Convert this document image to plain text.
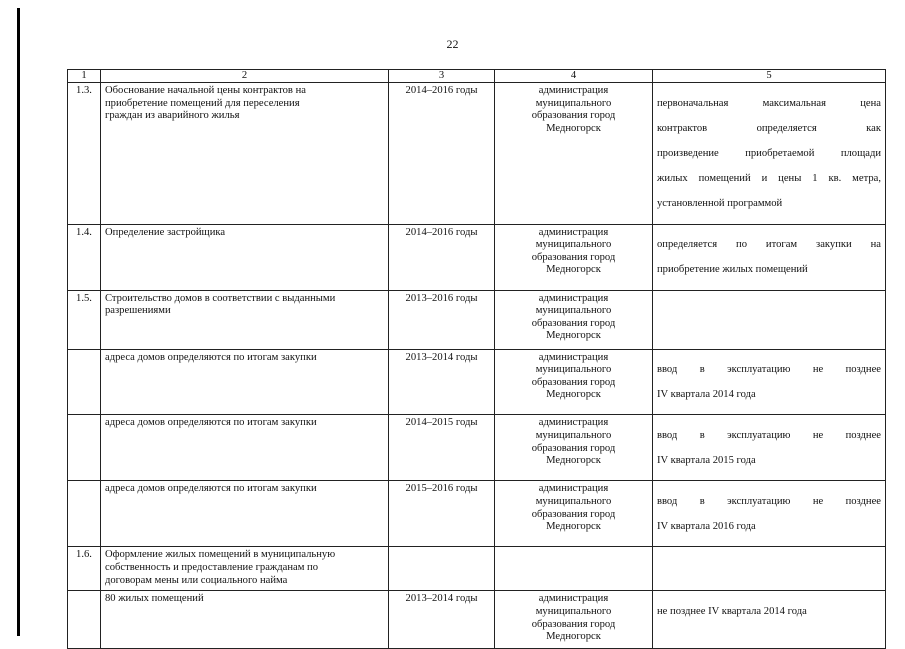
22
1	2	3	4	5
1.3.	Обоснование начальной цены контрактов на
приобретение помещений для переселения
граждан из аварийного жилья	2014–2016 годы	администрация
муниципального
образования город
Медногорск	первоначальная максимальная цена

контрактов определяется как

произведение приобретаемой площади

жилых помещений и цены 1 кв. метра,

установленной программой

1.4.	Определение застройщика	2014–2016 годы	администрация
муниципального
образования город
Медногорск	определяется по итогам закупки на

приобретение жилых помещений

1.5.	Строительство домов в соответствии с выданными
разрешениями	2013–2016 годы	администрация
муниципального
образования город
Медногорск	
	адреса домов определяются по итогам закупки	2013–2014 годы	администрация
муниципального
образования город
Медногорск	ввод в эксплуатацию не позднее

IV квартала 2014 года

	адреса домов определяются по итогам закупки	2014–2015 годы	администрация
муниципального
образования город
Медногорск	ввод в эксплуатацию не позднее

IV квартала 2015 года

	адреса домов определяются по итогам закупки	2015–2016 годы	администрация
муниципального
образования город
Медногорск	ввод в эксплуатацию не позднее

IV квартала 2016 года

1.6.	Оформление жилых помещений в муниципальную
собственность и предоставление гражданам по
договорам мены или социального найма			
	80 жилых помещений	2013–2014 годы	администрация
муниципального
образования город
Медногорск	не позднее IV квартала 2014 года
